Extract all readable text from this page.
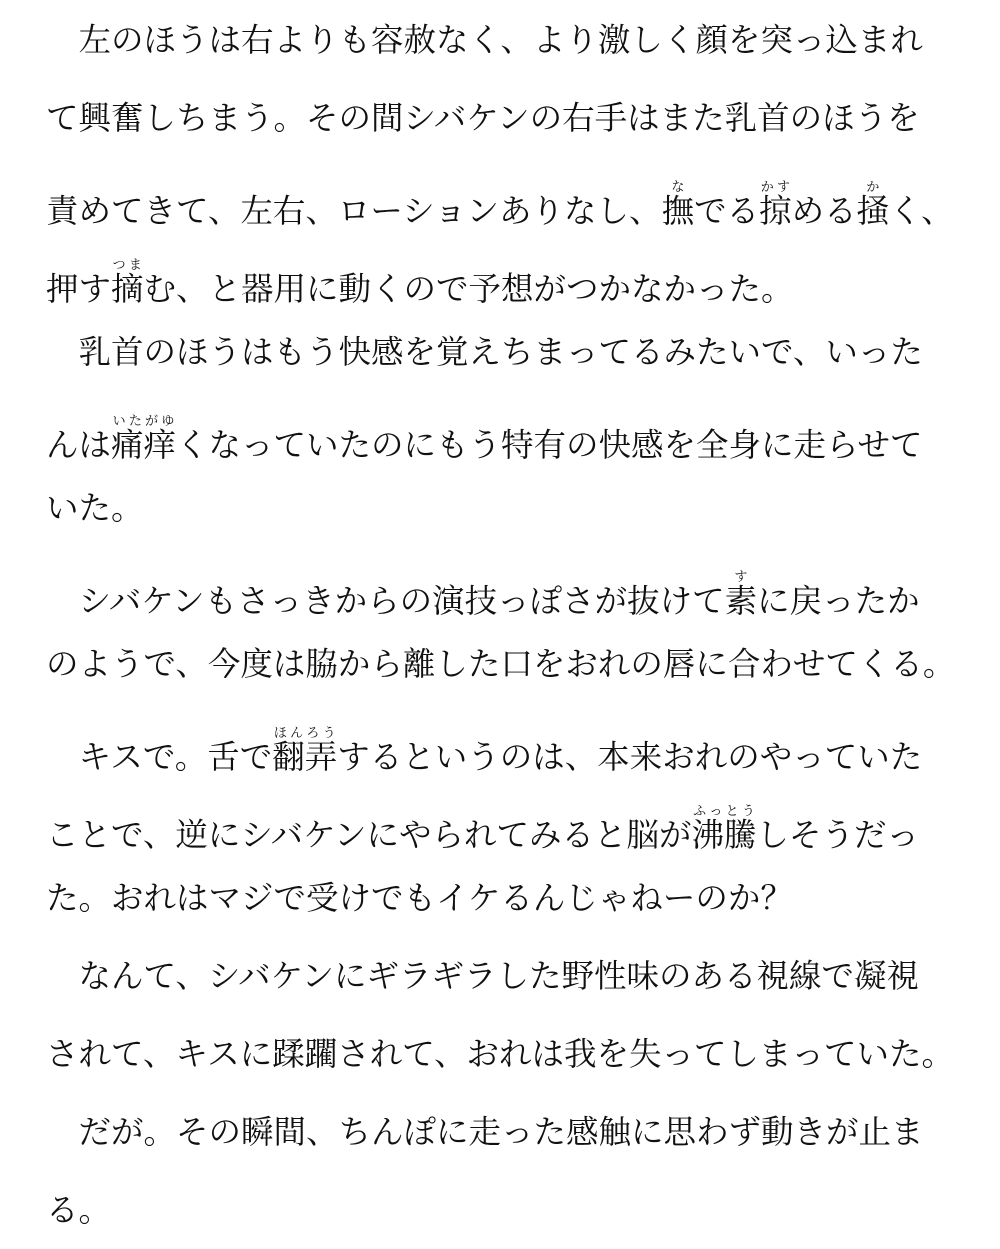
　左のほうは右よりも容赦なく、より激しく顔を突っ込まれ
て興奮しちまう。その間シバケンの右手はまた乳首のほうを
責めてきて、左右、ローションありなし、撫なでる掠かすめる掻かく、
押す摘つまむ、と器用に動くので予想がつかなかった。
　乳首のほうはもう快感を覚えちまってるみたいで、いった
んは痛痒いたがゆくなっていたのにもう特有の快感を全身に走らせて
いた。
　シバケンもさっきからの演技っぽさが抜けて素すに戻ったか
のようで、今度は脇から離した口をおれの唇に合わせてくる。
　キスで。舌で翻弄ほんろうするというのは、本来おれのやっていた
ことで、逆にシバケンにやられてみると脳が沸騰ふっとうしそうだっ
た。おれはマジで受けでもイケるんじゃねーのか？
　なんて、シバケンにギラギラした野性味のある視線で凝視
されて、キスに蹂躙されて、おれは我を失ってしまっていた。
　だが。その瞬間、ちんぽに走った感触に思わず動きが止ま
る。
